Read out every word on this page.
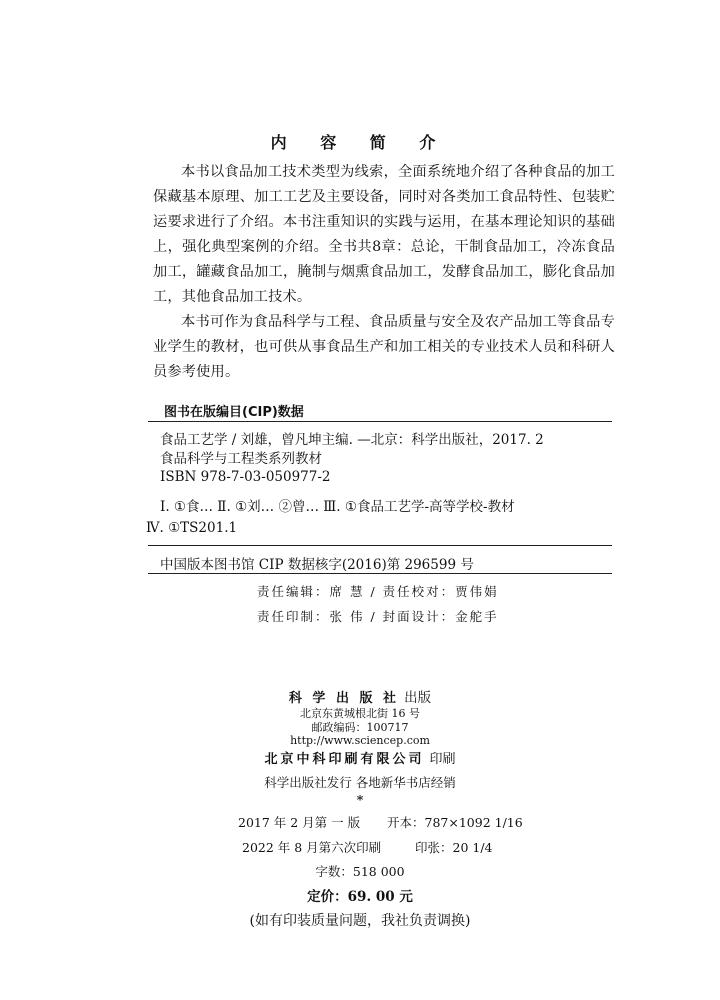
内 容 简 介

本书以食品加工技术类型为线索，全面系统地介绍了各种食品的加工保藏基本原理、加工工艺及主要设备，同时对各类加工食品特性、包装贮运要求进行了介绍。本书注重知识的实践与运用，在基本理论知识的基础上，强化典型案例的介绍。全书共8章：总论，干制食品加工，冷冻食品加工，罐藏食品加工，腌制与烟熏食品加工，发酵食品加工，膨化食品加工，其他食品加工技术。

本书可作为食品科学与工程、食品质量与安全及农产品加工等食品专业学生的教材，也可供从事食品生产和加工相关的专业技术人员和科研人员参考使用。

图书在版编目(CIP)数据
食品工艺学 / 刘雄，曾凡坤主编. —北京：科学出版社，2017. 2
食品科学与工程类系列教材
ISBN 978-7-03-050977-2
Ⅰ. ①食… Ⅱ. ①刘… ②曾… Ⅲ. ①食品工艺学-高等学校-教材
Ⅳ. ①TS201.1
中国版本图书馆 CIP 数据核字(2016)第 296599 号
责任编辑：席 慧 / 责任校对：贾伟娟
责任印制：张 伟 / 封面设计：金舵手
科 学 出 版 社 出版
北京东黄城根北街 16 号
邮政编码：100717
http://www.sciencep.com
北京中科印刷有限公司 印刷
科学出版社发行 各地新华书店经销
*
2017 年 2 月第 一 版 开本：787×1092 1/16
2022 年 8 月第六次印刷	印张：20 1/4
字数：518 000
定价：69. 00 元
(如有印装质量问题，我社负责调换)
